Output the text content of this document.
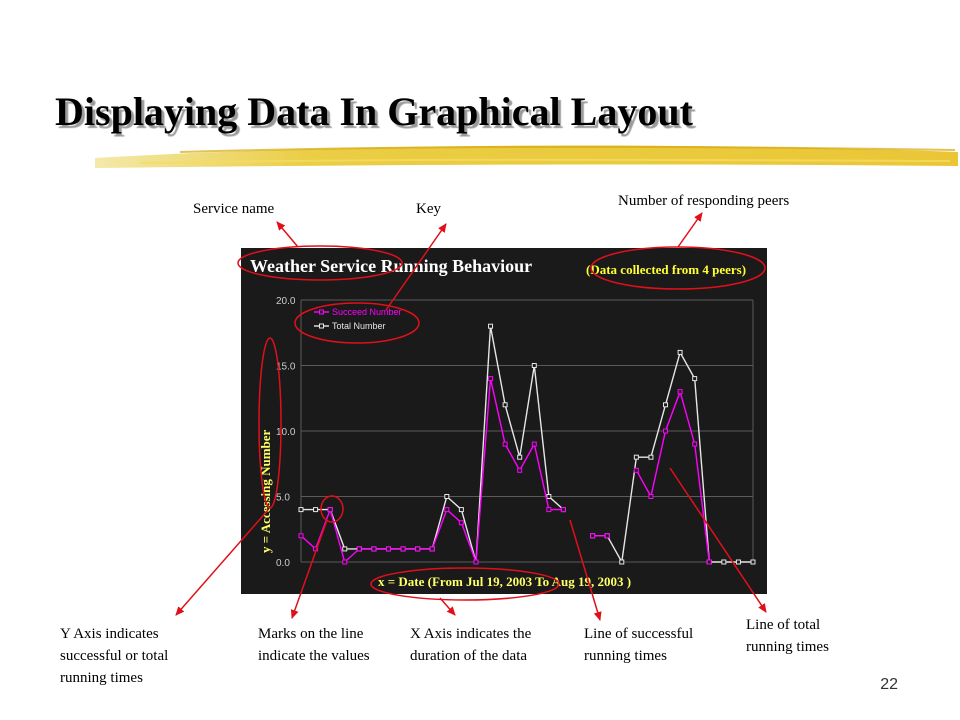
Displaying Data In Graphical Layout
Service name	Key	Number of responding peers
Y Axis indicates successful or total running times
Marks on the line indicate the values
X Axis indicates the duration of the data
Line of successful running times
Line of total running times
Weather Service Running Behaviour	(Data collected from 4 peers)
0.0
5.0
10.0
15.0
20.0
Succeed Number
Total Number
y = Accessing Number
x = Date (From Jul 19, 2003 To Aug 19, 2003 )
22
